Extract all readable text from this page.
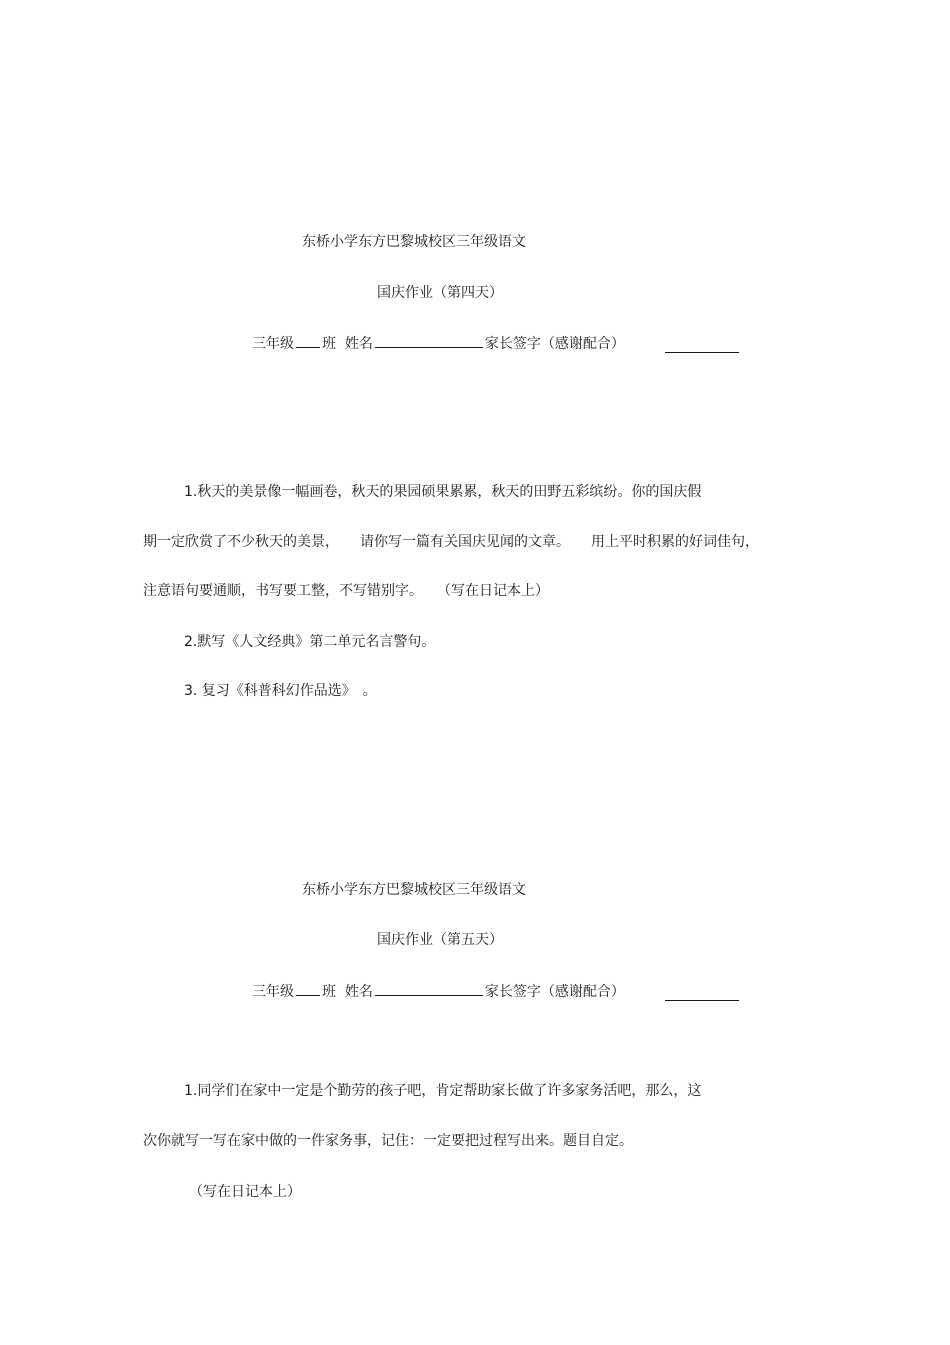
东桥小学东方巴黎城校区三年级语文
国庆作业（第四天）
三年级 班 姓名	家长签字（感谢配合）
1.秋天的美景像一幅画卷，秋天的果园硕果累累，秋天的田野五彩缤纷。你的国庆假
期一定欣赏了不少秋天的美景，　　请你写一篇有关国庆见闻的文章。　　用上平时积累的好词佳句，
注意语句要通顺，书写要工整，不写错别字。　　（写在日记本上）
2.默写《人文经典》第二单元名言警句。
3. 复习《科普科幻作品选》　。
东桥小学东方巴黎城校区三年级语文
国庆作业（第五天）
三年级 班 姓名	家长签字（感谢配合）
1.同学们在家中一定是个勤劳的孩子吧，肯定帮助家长做了许多家务活吧，那么，这
次你就写一写在家中做的一件家务事，记住：一定要把过程写出来。题目自定。
（写在日记本上）
